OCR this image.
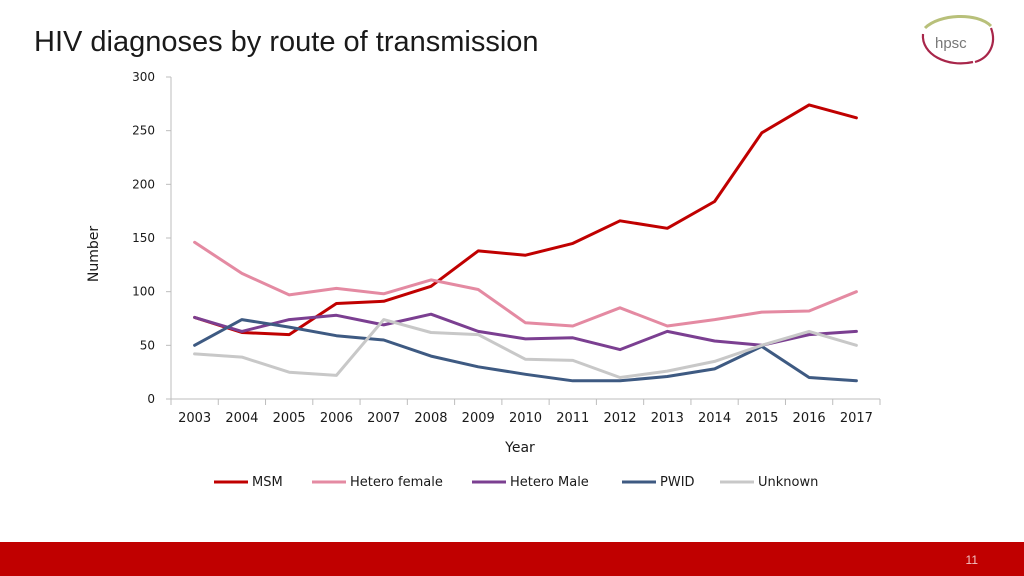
HIV diagnoses by route of transmission	hpsc
0
50
100
150
200
250
300
2003 2004 2005 2006 2007 2008 2009 2010 2011 2012 2013 2014 2015 2016 2017
Number
Year
MSM	Hetero female	Hetero Male	PWID	Unknown
11
